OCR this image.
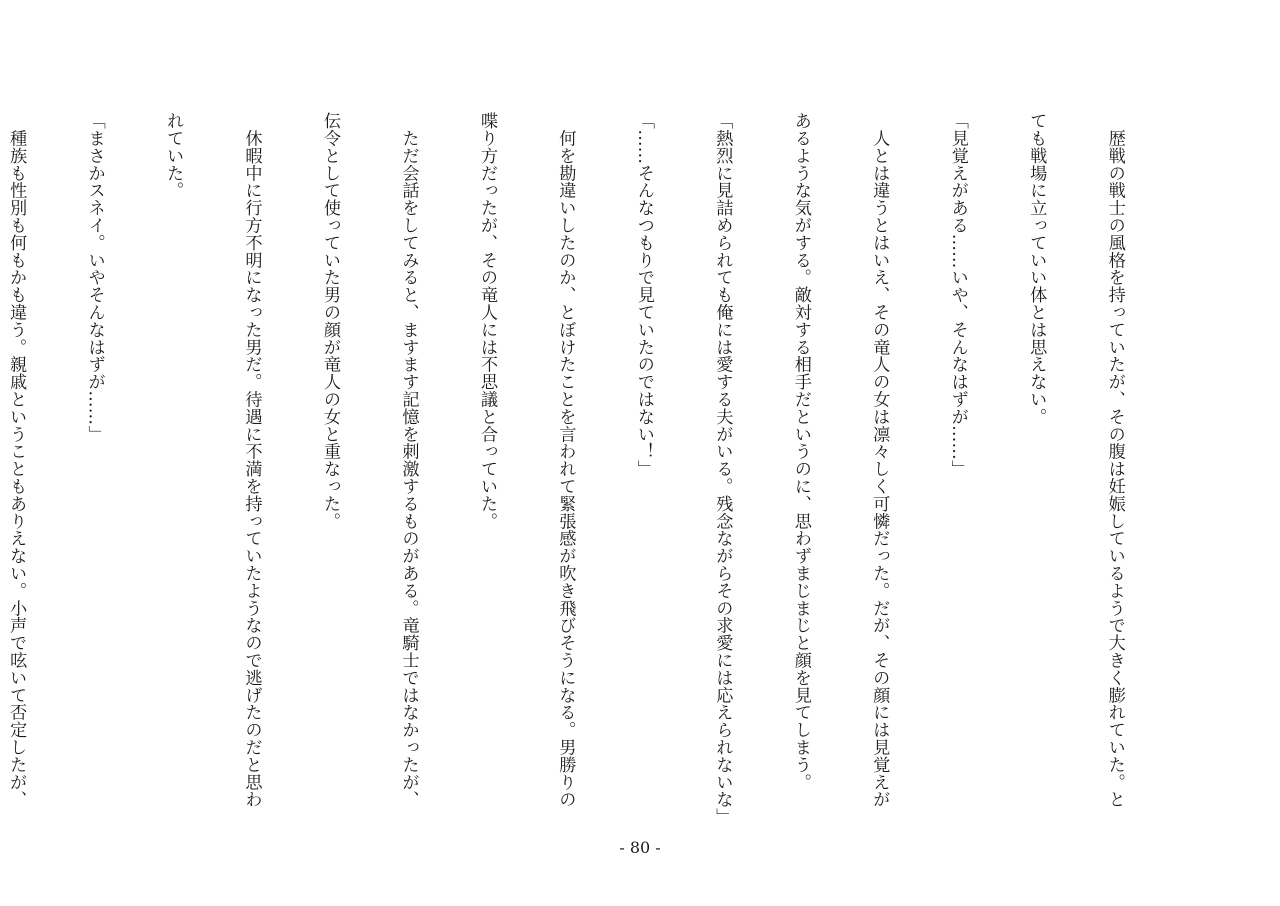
　歴戦の戦士の風格を持っていたが、その腹は妊娠しているようで大きく膨れていた。と

ても戦場に立っていい体とは思えない。

「見覚えがある……いや、そんなはずが……」

　人とは違うとはいえ、その竜人の女は凛々しく可憐だった。だが、その顔には見覚えが

あるような気がする。敵対する相手だというのに、思わずまじまじと顔を見てしまう。

「熱烈に見詰められても俺には愛する夫がいる。残念ながらその求愛には応えられないな」

「……そんなつもりで見ていたのではない！」

　何を勘違いしたのか、とぼけたことを言われて緊張感が吹き飛びそうになる。男勝りの

喋り方だったが、その竜人には不思議と合っていた。

　ただ会話をしてみると、ますます記憶を刺激するものがある。竜騎士ではなかったが、

伝令として使っていた男の顔が竜人の女と重なった。

　休暇中に行方不明になった男だ。待遇に不満を持っていたようなので逃げたのだと思わ

れていた。

「まさかスネイ。いやそんなはずが……」

　種族も性別も何もかも違う。親戚ということもありえない。小声で呟いて否定したが、

- 80 -
